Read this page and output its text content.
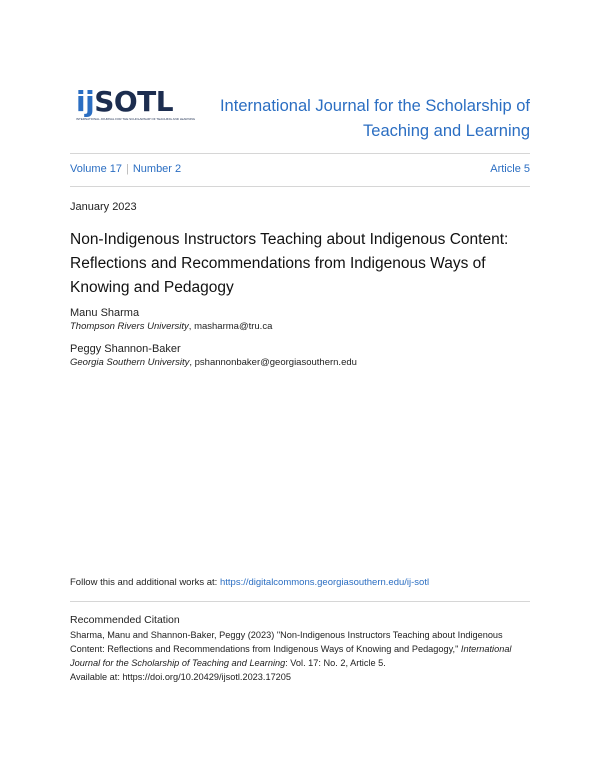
ijSOTL
INTERNATIONAL JOURNAL FOR THE SCHOLARSHIP OF TEACHING AND LEARNING
International Journal for the Scholarship of Teaching and Learning
Volume 17 | Number 2	Article 5
January 2023
Non-Indigenous Instructors Teaching about Indigenous Content: Reflections and Recommendations from Indigenous Ways of Knowing and Pedagogy
Manu Sharma
Thompson Rivers University, masharma@tru.ca
Peggy Shannon-Baker
Georgia Southern University, pshannonbaker@georgiasouthern.edu
Follow this and additional works at: https://digitalcommons.georgiasouthern.edu/ij-sotl
Recommended Citation
Sharma, Manu and Shannon-Baker, Peggy (2023) "Non-Indigenous Instructors Teaching about Indigenous Content: Reflections and Recommendations from Indigenous Ways of Knowing and Pedagogy," International Journal for the Scholarship of Teaching and Learning: Vol. 17: No. 2, Article 5.
Available at: https://doi.org/10.20429/ijsotl.2023.17205
